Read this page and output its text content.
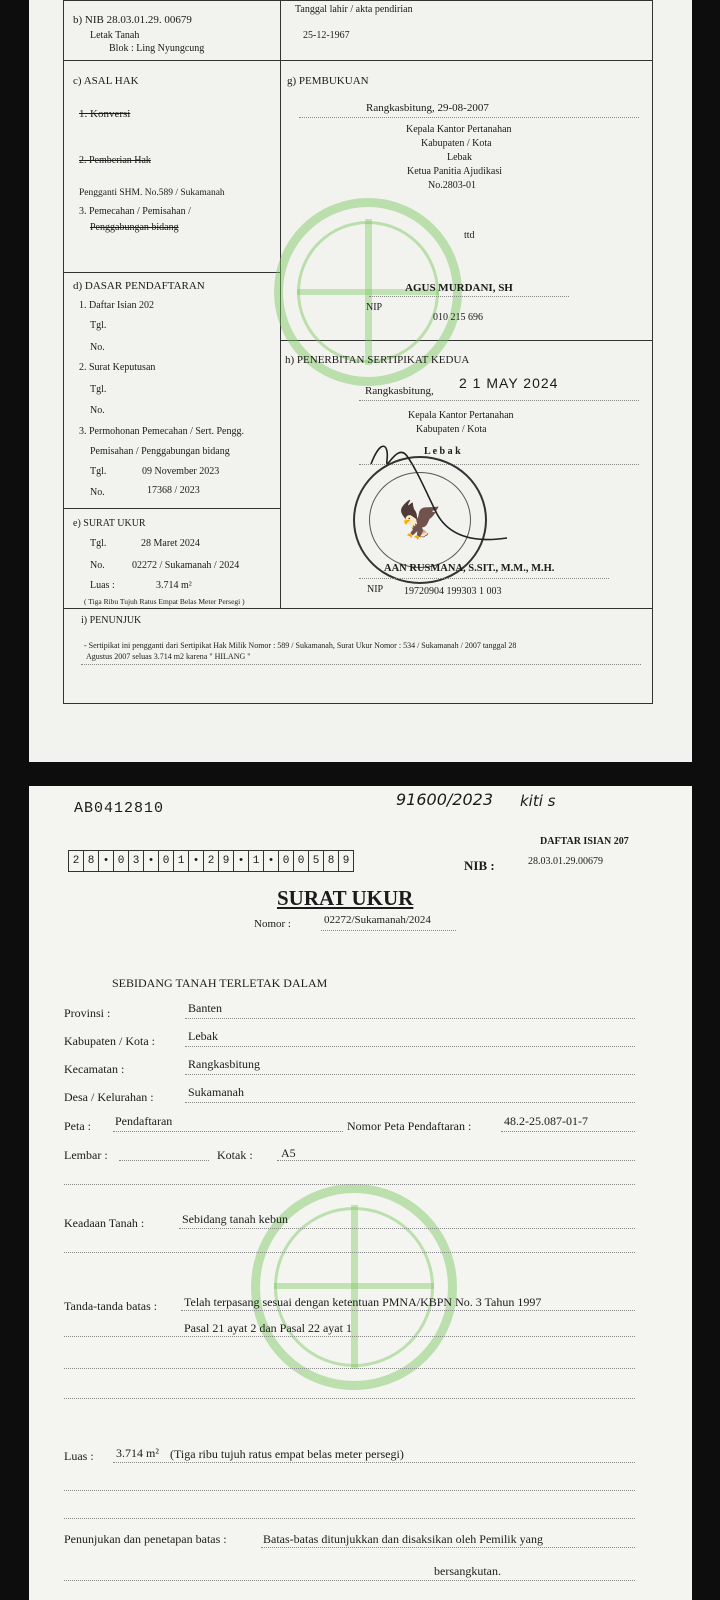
b) NIB 28.03.01.29. 00679
Letak Tanah
Blok : Ling Nyungcung
Tanggal lahir / akta pendirian
25-12-1967
c) ASAL HAK
1. Konversi
2. Pemberian Hak
Pengganti SHM. No.589 / Sukamanah
3. Pemecahan / Pemisahan /
Penggabungan bidang
g) PEMBUKUAN
Rangkasbitung, 29-08-2007
Kepala Kantor Pertanahan
Kabupaten / Kota
Lebak
Ketua Panitia Ajudikasi
No.2803-01
ttd
AGUS MURDANI, SH
NIP
010 215 696
d) DASAR PENDAFTARAN
1. Daftar Isian 202
Tgl.
No.
2. Surat Keputusan
Tgl.
No.
3. Permohonan Pemecahan / Sert. Pengg.
Pemisahan / Penggabungan bidang
Tgl.	09 November 2023
No.	17368 / 2023
h) PENERBITAN SERTIPIKAT KEDUA
Rangkasbitung, 2 1 MAY 2024
Kepala Kantor Pertanahan
Kabupaten / Kota
L e b a k
🦅
e) SURAT UKUR
Tgl.	28 Maret 2024
No.	02272 / Sukamanah / 2024
Luas :	3.714 m²
( Tiga Ribu Tujuh Ratus Empat Belas Meter Persegi )
AAN RUSMANA, S.SIT., M.M., M.H.
NIP 19720904 199303 1 003
i) PENUNJUK
- Sertipikat ini pengganti dari Sertipikat Hak Milik Nomor : 589 / Sukamanah, Surat Ukur Nomor : 534 / Sukamanah / 2007 tanggal 28
Agustus 2007 seluas 3.714 m2 karena " HILANG "
AB0412810	91600/2023 kiti s
DAFTAR ISIAN 207
2 8 • 0 3 • 0 1 • 2 9 • 1 • 0 0 5 8 9	NIB :	28.03.01.29.00679
SURAT UKUR
Nomor :	02272/Sukamanah/2024
SEBIDANG TANAH TERLETAK DALAM
Provinsi :	Banten
Kabupaten / Kota :	Lebak
Kecamatan :	Rangkasbitung
Desa / Kelurahan :	Sukamanah
Peta : Pendaftaran	Nomor Peta Pendaftaran :	48.2-25.087-01-7
Lembar :	Kotak : A5
Keadaan Tanah :	Sebidang tanah kebun
Tanda-tanda batas : Telah terpasang sesuai dengan ketentuan PMNA/KBPN No. 3 Tahun 1997
Pasal 21 ayat 2 dan Pasal 22 ayat 1
Luas : 3.714 m² (Tiga ribu tujuh ratus empat belas meter persegi)
Penunjukan dan penetapan batas :	Batas-batas ditunjukkan dan disaksikan oleh Pemilik yang
bersangkutan.
